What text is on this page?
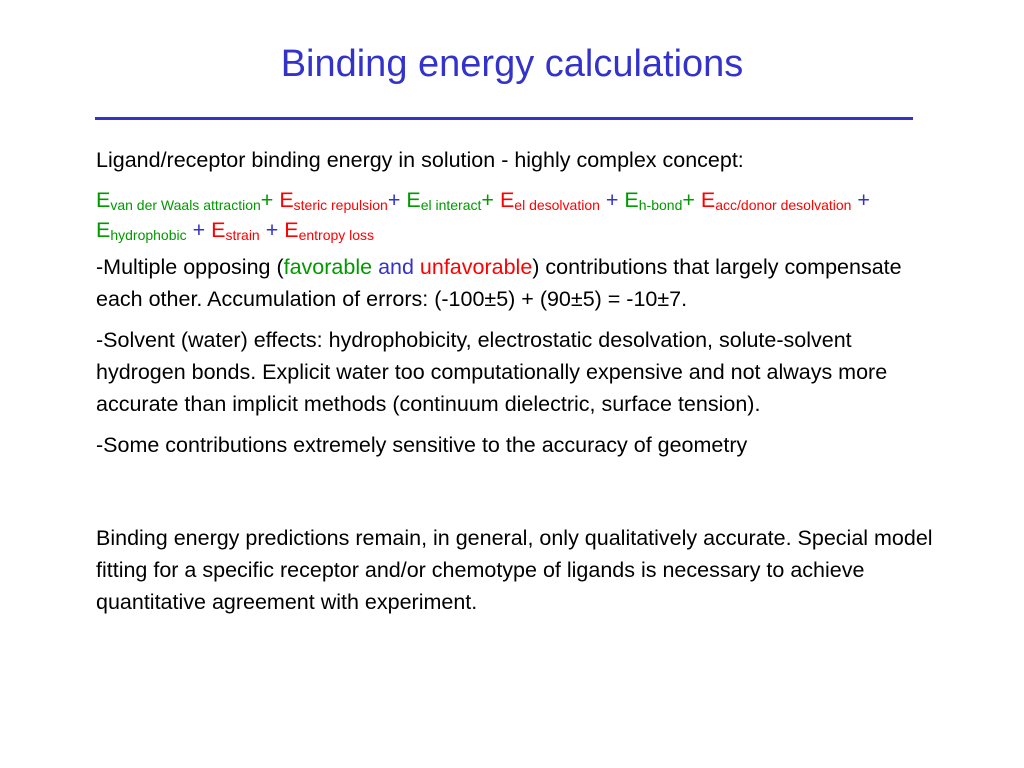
Binding energy calculations

Ligand/receptor binding energy in solution - highly complex concept:

$E_{van der Waals attraction}+ E_{steric repulsion}+ E_{el interact}+ E_{el desolvation} + E_{h-bond}+ E_{acc/donor desolvation} + E_{hydrophobic} + E_{strain} + E_{entropy loss}$

-Multiple opposing (favorable and unfavorable) contributions that largely compensate each other. Accumulation of errors: (-100±5) + (90±5) = -10±7.

-Solvent (water) effects: hydrophobicity, electrostatic desolvation, solute-solvent hydrogen bonds. Explicit water too computationally expensive and not always more accurate than implicit methods (continuum dielectric, surface tension).

-Some contributions extremely sensitive to the accuracy of geometry

Binding energy predictions remain, in general, only qualitatively accurate. Special model fitting for a specific receptor and/or chemotype of ligands is necessary to achieve quantitative agreement with experiment.
